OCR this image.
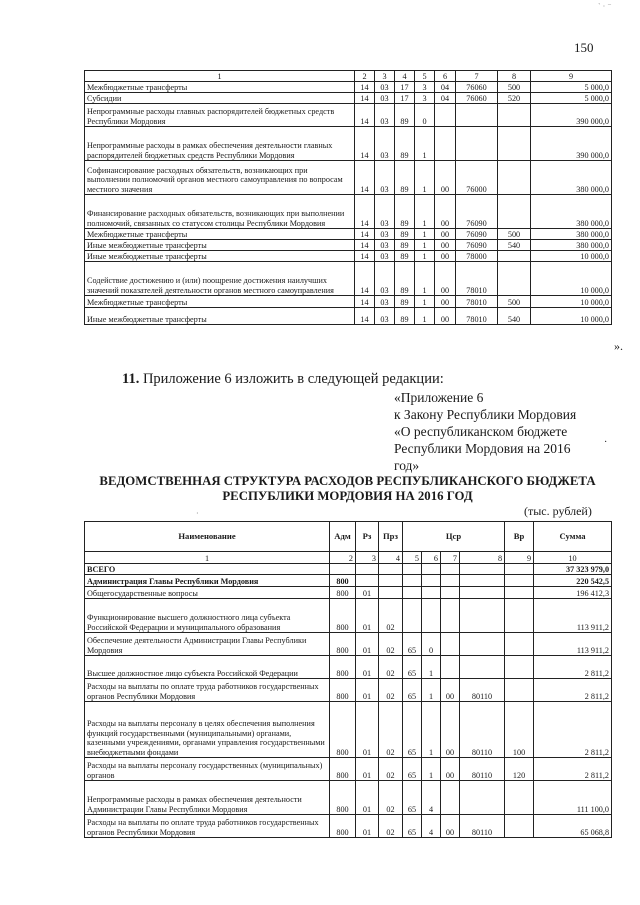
` · ⁻
150
1	2	3	4	5	6	7	8	9
Межбюджетные трансферты	14	03	17	3	04	76060	500	5 000,0
Субсидии	14	03	17	3	04	76060	520	5 000,0
Непрограммные расходы главных распорядителей бюджетных средств Республики Мордовия	14	03	89	0				390 000,0
Непрограммные расходы в рамках обеспечения деятельности главных распорядителей бюджетных средств Республики Мордовия	14	03	89	1				390 000,0
Софинансирование расходных обязательств, возникающих при выполнении полномочий органов местного самоуправления по вопросам местного значения	14	03	89	1	00	76000		380 000,0
Финансирование расходных обязательств, возникающих при выполнении полномочий, связанных со статусом столицы Республики Мордовия	14	03	89	1	00	76090		380 000,0
Межбюджетные трансферты	14	03	89	1	00	76090	500	380 000,0
Иные межбюджетные трансферты	14	03	89	1	00	76090	540	380 000,0
Иные межбюджетные трансферты	14	03	89	1	00	78000		10 000,0
Содействие достижению и (или) поощрение достижения наилучших значений показателей деятельности органов местного самоуправления	14	03	89	1	00	78010		10 000,0
Межбюджетные трансферты	14	03	89	1	00	78010	500	10 000,0
Иные межбюджетные трансферты	14	03	89	1	00	78010	540	10 000,0
».
11. Приложение 6 изложить в следующей редакции:
«Приложение 6
к Закону Республики Мордовия
«О республиканском бюджете
Республики Мордовия на 2016
год»
·
ВЕДОМСТВЕННАЯ СТРУКТУРА РАСХОДОВ РЕСПУБЛИКАНСКОГО БЮДЖЕТА РЕСПУБЛИКИ МОРДОВИЯ НА 2016 ГОД
·	(тыс. рублей)
Наименование	Адм	Рз	Прз	Цср				Вр	Сумма
1	2	3	4	5	6	7	8	9	10
ВСЕГО									37 323 979,0
Администрация Главы Республики Мордовия	800								220 542,5
Общегосударственные вопросы	800	01							196 412,3
Функционирование высшего должностного лица субъекта Российской Федерации и муниципального образования	800	01	02						113 911,2
Обеспечение деятельности Администрации Главы Республики Мордовия	800	01	02	65	0				113 911,2
Высшее должностное лицо субъекта Российской Федерации	800	01	02	65	1				2 811,2
Расходы на выплаты по оплате труда работников государственных органов Республики Мордовия	800	01	02	65	1	00	80110		2 811,2
Расходы на выплаты персоналу в целях обеспечения выполнения функций государственными (муниципальными) органами, казенными учреждениями, органами управления государственными внебюджетными фондами	800	01	02	65	1	00	80110	100	2 811,2
Расходы на выплаты персоналу государственных (муниципальных) органов	800	01	02	65	1	00	80110	120	2 811,2
Непрограммные расходы в рамках обеспечения деятельности Администрации Главы Республики Мордовия	800	01	02	65	4				111 100,0
Расходы на выплаты по оплате труда работников государственных органов Республики Мордовия	800	01	02	65	4	00	80110		65 068,8
